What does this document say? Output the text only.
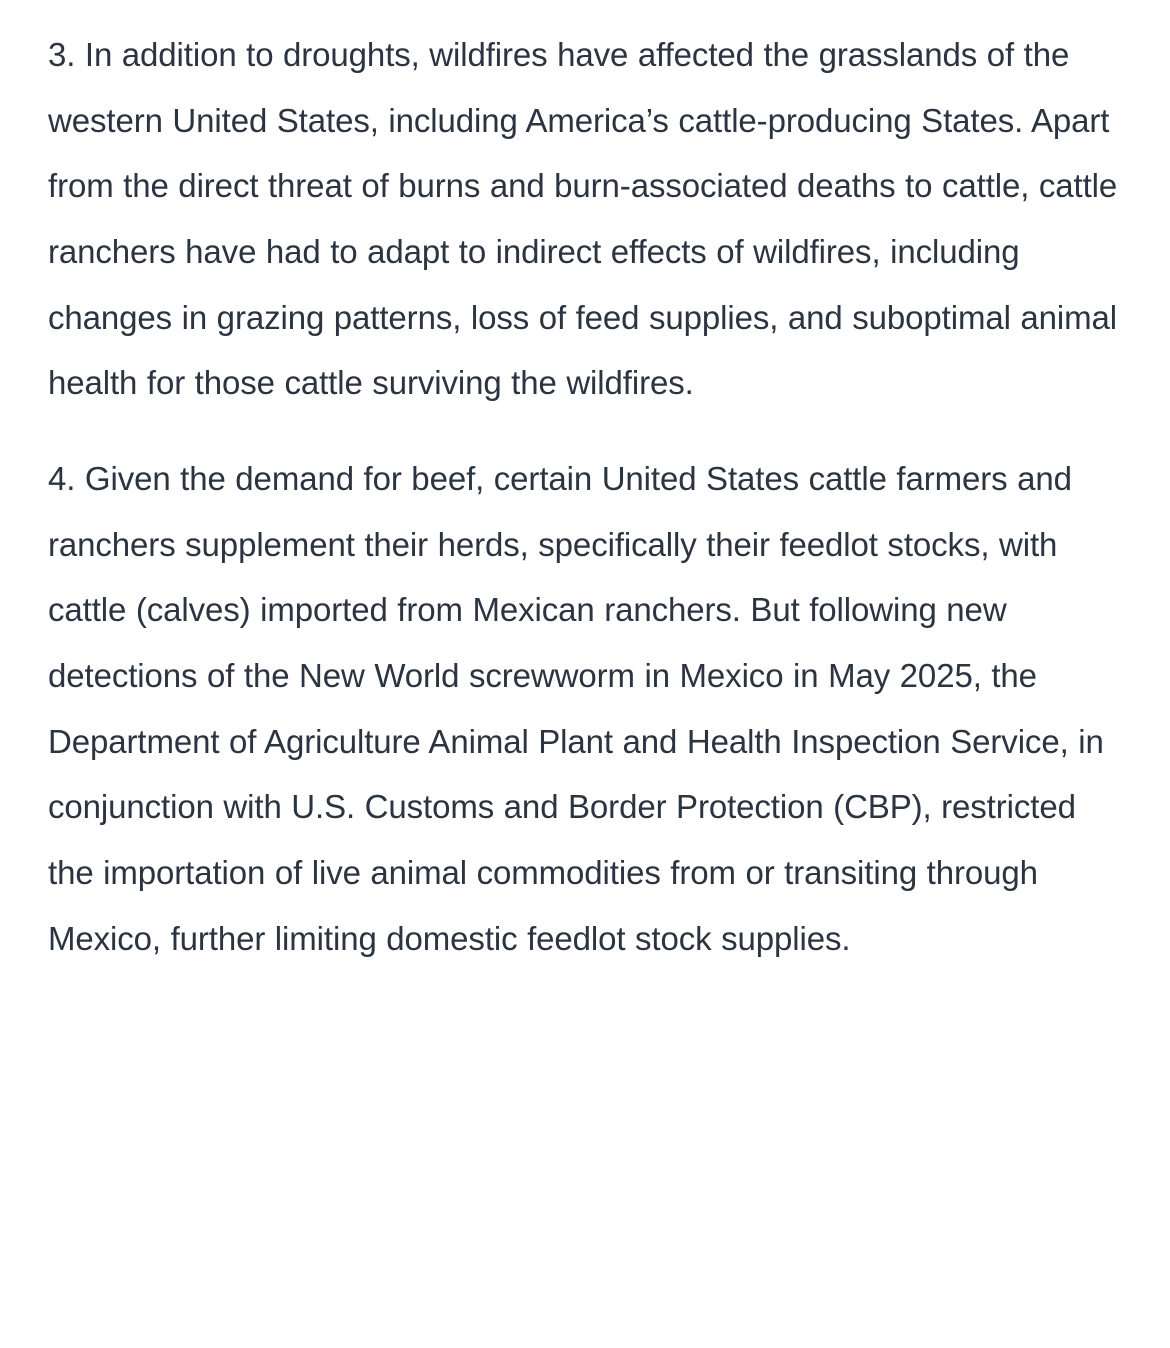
3. In addition to droughts, wildfires have affected the grasslands of the western United States, including America’s cattle-producing States. Apart from the direct threat of burns and burn-associated deaths to cattle, cattle ranchers have had to adapt to indirect effects of wildfires, including changes in grazing patterns, loss of feed supplies, and suboptimal animal health for those cattle surviving the wildfires.

4. Given the demand for beef, certain United States cattle farmers and ranchers supplement their herds, specifically their feedlot stocks, with cattle (calves) imported from Mexican ranchers. But following new detections of the New World screwworm in Mexico in May 2025, the Department of Agriculture Animal Plant and Health Inspection Service, in conjunction with U.S. Customs and Border Protection (CBP), restricted the importation of live animal commodities from or transiting through Mexico, further limiting domestic feedlot stock supplies.
